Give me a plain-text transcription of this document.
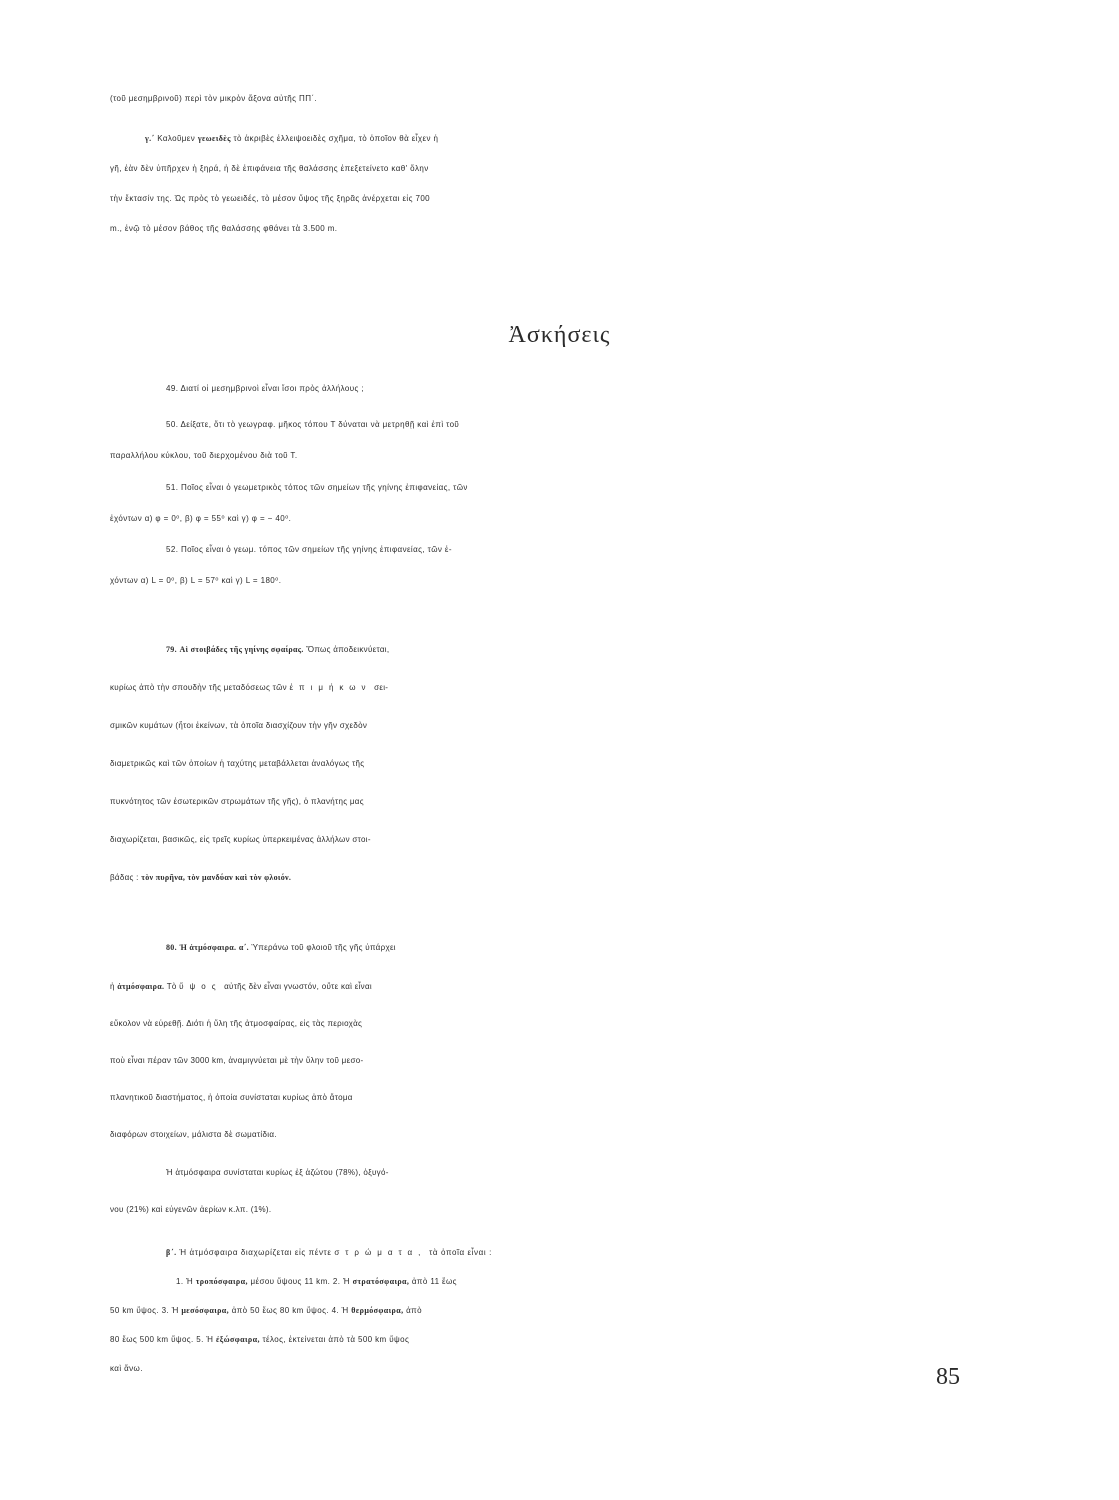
(τοῦ μεσημβρινοῦ) περὶ τὸν μικρὸν ἄξονα αὐτῆς ΠΠ΄.
γ.΄ Καλοῦμεν γεωειδὲς τὸ ἀκριβὲς ἐλλειψοειδὲς σχῆμα, τὸ ὁποῖον θὰ εἶχεν ἡ
γῆ, ἐὰν δὲν ὑπῆρχεν ἡ ξηρά, ἡ δὲ ἐπιφάνεια τῆς θαλάσσης ἐπεξετείνετο καθ' ὅλην
τὴν ἔκτασίν της. Ὡς πρὸς τὸ γεωειδές, τὸ μέσον ὕψος τῆς ξηρᾶς ἀνέρχεται εἰς 700
m., ἐνῷ τὸ μέσον βάθος τῆς θαλάσσης φθάνει τὰ 3.500 m.
Ἀσκήσεις
49. Διατί οἱ μεσημβρινοὶ εἶναι ἴσοι πρὸς ἀλλήλους ;
50. Δείξατε, ὅτι τὸ γεωγραφ. μῆκος τόπου Τ δύναται νὰ μετρηθῇ καὶ ἐπὶ τοῦ
παραλλήλου κύκλου, τοῦ διερχομένου διὰ τοῦ Τ.
51. Ποῖος εἶναι ὁ γεωμετρικὸς τόπος τῶν σημείων τῆς γηίνης ἐπιφανείας, τῶν
ἐχόντων α) φ = 0⁰, β) φ = 55⁰ καὶ γ) φ = − 40⁰.
52. Ποῖος εἶναι ὁ γεωμ. τόπος τῶν σημείων τῆς γηίνης ἐπιφανείας, τῶν ἐ-
χόντων α) L = 0⁰, β) L = 57⁰ καὶ γ) L = 180⁰.
79. Αἱ στοιβάδες τῆς γηίνης σφαίρας. Ὅπως ἀποδεικνύεται,
κυρίως ἀπὸ τὴν σπουδὴν τῆς μεταδόσεως τῶν ἐπιμήκων σει-
σμικῶν κυμάτων (ἤτοι ἐκείνων, τὰ ὁποῖα διασχίζουν τὴν γῆν σχεδὸν
διαμετρικῶς καὶ τῶν ὁποίων ἡ ταχύτης μεταβάλλεται ἀναλόγως τῆς
πυκνότητος τῶν ἐσωτερικῶν στρωμάτων τῆς γῆς), ὁ πλανήτης μας
διαχωρίζεται, βασικῶς, εἰς τρεῖς κυρίως ὑπερκειμένας ἀλλήλων στοι-
βάδας : τὸν πυρῆνα, τὸν μανδύαν καὶ τὸν φλοιόν.
80. Ἡ ἀτμόσφαιρα. α΄. Ὑπεράνω τοῦ φλοιοῦ τῆς γῆς ὑπάρχει
ἡ ἀτμόσφαιρα. Τὸ ὕψος αὐτῆς δὲν εἶναι γνωστόν, οὔτε καὶ εἶναι
εὔκολον νὰ εὑρεθῇ. Διότι ἡ ὕλη τῆς ἀτμοσφαίρας, εἰς τὰς περιοχὰς
ποὺ εἶναι πέραν τῶν 3000 km, ἀναμιγνύεται μὲ τὴν ὕλην τοῦ μεσο-
πλανητικοῦ διαστήματος, ἡ ὁποία συνίσταται κυρίως ἀπὸ ἄτομα
διαφόρων στοιχείων, μάλιστα δὲ σωματίδια.
Ἡ ἀτμόσφαιρα συνίσταται κυρίως ἐξ ἀζώτου (78%), ὀξυγό-
νου (21%) καὶ εὐγενῶν ἀερίων κ.λπ. (1%).
β΄. Ἡ ἀτμόσφαιρα διαχωρίζεται εἰς πέντε στρώματα, τὰ ὁποῖα εἶναι :
1. Ἡ τροπόσφαιρα, μέσου ὕψους 11 km. 2. Ἡ στρατόσφαιρα, ἀπὸ 11 ἕως
50 km ὕψος. 3. Ἡ μεσόσφαιρα, ἀπὸ 50 ἕως 80 km ὕψος. 4. Ἡ θερμόσφαιρα, ἀπὸ
80 ἕως 500 km ὕψος. 5. Ἡ ἐξώσφαιρα, τέλος, ἐκτείνεται ἀπὸ τὰ 500 km ὕψος
καὶ ἄνω.	85
